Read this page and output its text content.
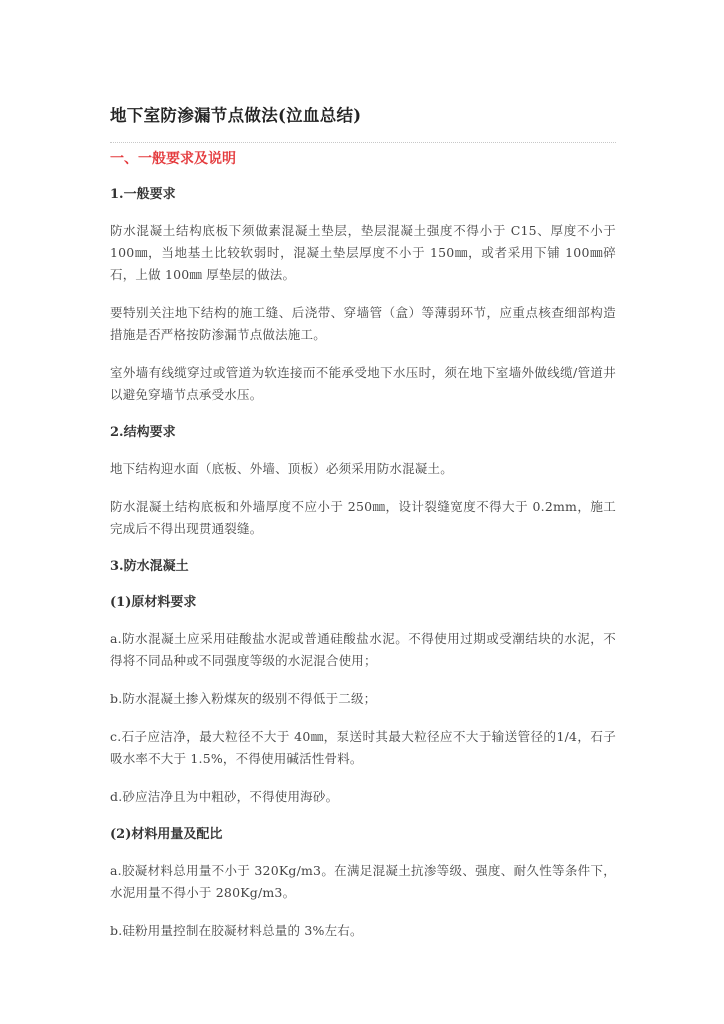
地下室防渗漏节点做法(泣血总结)
一、一般要求及说明
1.一般要求

防水混凝土结构底板下须做素混凝土垫层，垫层混凝土强度不得小于 C15、厚度不小于100㎜，当地基土比较软弱时，混凝土垫层厚度不小于 150㎜，或者采用下铺 100㎜碎石，上做 100㎜ 厚垫层的做法。

要特别关注地下结构的施工缝、后浇带、穿墙管（盒）等薄弱环节，应重点核查细部构造措施是否严格按防渗漏节点做法施工。

室外墙有线缆穿过或管道为软连接而不能承受地下水压时，须在地下室墙外做线缆/管道井以避免穿墙节点承受水压。

2.结构要求

地下结构迎水面（底板、外墙、顶板）必须采用防水混凝土。

防水混凝土结构底板和外墙厚度不应小于 250㎜，设计裂缝宽度不得大于 0.2mm，施工完成后不得出现贯通裂缝。

3.防水混凝土
(1)原材料要求

a.防水混凝土应采用硅酸盐水泥或普通硅酸盐水泥。不得使用过期或受潮结块的水泥，不得将不同品种或不同强度等级的水泥混合使用；

b.防水混凝土掺入粉煤灰的级别不得低于二级；

c.石子应洁净，最大粒径不大于 40㎜，泵送时其最大粒径应不大于输送管径的1/4，石子吸水率不大于 1.5%，不得使用碱活性骨料。

d.砂应洁净且为中粗砂，不得使用海砂。

(2)材料用量及配比

a.胶凝材料总用量不小于 320Kg/m3。在满足混凝土抗渗等级、强度、耐久性等条件下，水泥用量不得小于 280Kg/m3。

b.硅粉用量控制在胶凝材料总量的 3%左右。
